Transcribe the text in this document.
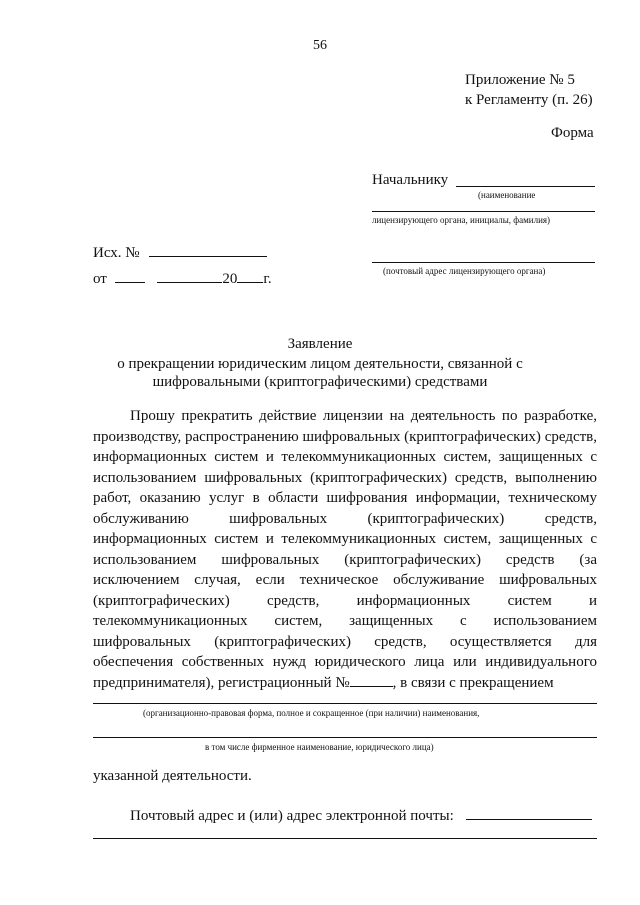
56
Приложение № 5
к Регламенту (п. 26)
Форма
Начальнику
(наименование
лицензирующего органа, инициалы, фамилия)
(почтовый адрес лицензирующего органа)
Исх. №
от	20 г.
Заявление
о прекращении юридическим лицом деятельности, связанной с
шифровальными (криптографическими) средствами

Прошу прекратить действие лицензии на деятельность по разработке, производству, распространению шифровальных (криптографических) средств, информационных систем и телекоммуникационных систем, защищенных с использованием шифровальных (криптографических) средств, выполнению работ, оказанию услуг в области шифрования информации, техническому обслуживанию шифровальных (криптографических) средств, информационных систем и телекоммуникационных систем, защищенных с использованием шифровальных (криптографических) средств (за исключением случая, если техническое обслуживание шифровальных (криптографических) средств, информационных систем и телекоммуникационных систем, защищенных с использованием шифровальных (криптографических) средств, осуществляется для обеспечения собственных нужд юридического лица или индивидуального предпринимателя), регистрационный №	, в связи с прекращением

(организационно-правовая форма, полное и сокращенное (при наличии) наименования,
в том числе фирменное наименование, юридического лица)
указанной деятельности.
Почтовый адрес и (или) адрес электронной почты:
